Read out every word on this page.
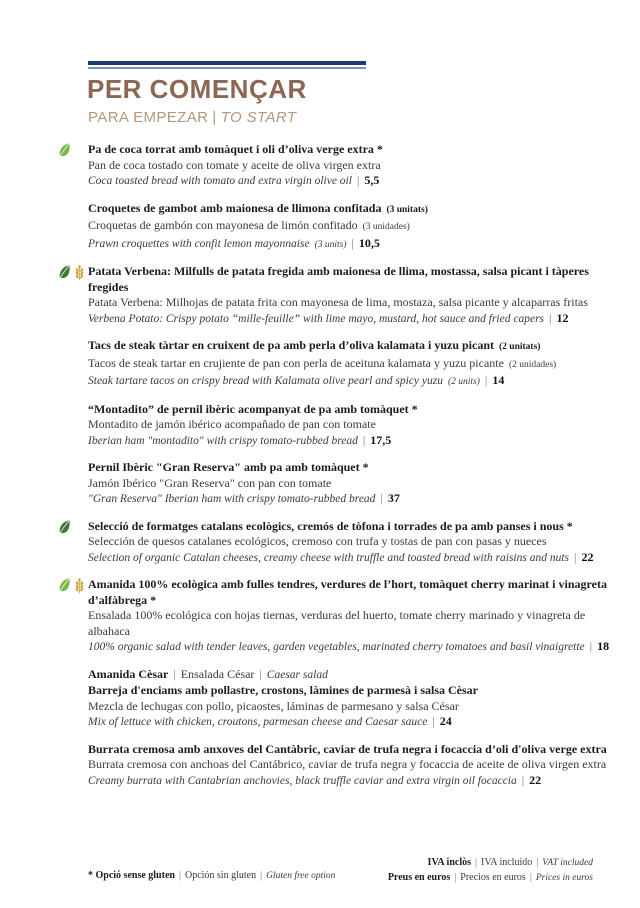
PER COMENÇAR
PARA EMPEZAR | TO START
Pa de coca torrat amb tomàquet i oli d’oliva verge extra *
Pan de coca tostado con tomate y aceite de oliva virgen extra
Coca toasted bread with tomato and extra virgin olive oil | 5,5
Croquetes de gambot amb maionesa de llimona confitada (3 unitats)
Croquetas de gambón con mayonesa de limón confitado (3 unidades)
Prawn croquettes with confit lemon mayonnaise (3 units) | 10,5
Patata Verbena: Milfulls de patata fregida amb maionesa de llima, mostassa, salsa picant i tàperes fregides
Patata Verbena: Milhojas de patata frita con mayonesa de lima, mostaza, salsa picante y alcaparras fritas
Verbena Potato: Crispy potato “mille-feuille” with lime mayo, mustard, hot sauce and fried capers | 12
Tacs de steak tàrtar en cruixent de pa amb perla d’oliva kalamata i yuzu picant (2 unitats)
Tacos de steak tartar en crujiente de pan con perla de aceituna kalamata y yuzu picante (2 unidades)
Steak tartare tacos on crispy bread with Kalamata olive pearl and spicy yuzu (2 units) | 14
“Montadito” de pernil ibèric acompanyat de pa amb tomàquet *
Montadito de jamón ibérico acompañado de pan con tomate
Iberian ham "montadito" with crispy tomato-rubbed bread | 17,5
Pernil Ibèric "Gran Reserva" amb pa amb tomàquet *
Jamón Ibérico "Gran Reserva" con pan con tomate
"Gran Reserva" Iberian ham with crispy tomato-rubbed bread | 37
Selecció de formatges catalans ecològics, cremós de tòfona i torrades de pa amb panses i nous *
Selección de quesos catalanes ecológicos, cremoso con trufa y tostas de pan con pasas y nueces
Selection of organic Catalan cheeses, creamy cheese with truffle and toasted bread with raisins and nuts | 22
Amanida 100% ecològica amb fulles tendres, verdures de l’hort, tomàquet cherry marinat i vinagreta d’alfàbrega *
Ensalada 100% ecológica con hojas tiernas, verduras del huerto, tomate cherry marinado y vinagreta de albahaca
100% organic salad with tender leaves, garden vegetables, marinated cherry tomatoes and basil vinaigrette | 18
Amanida Cèsar | Ensalada César | Caesar salad
Barreja d'enciams amb pollastre, crostons, làmines de parmesà i salsa Cèsar
Mezcla de lechugas con pollo, picaostes, láminas de parmesano y salsa César
Mix of lettuce with chicken, croutons, parmesan cheese and Caesar sauce | 24
Burrata cremosa amb anxoves del Cantàbric, caviar de trufa negra i focaccia d’oli d'oliva verge extra
Burrata cremosa con anchoas del Cantábrico, caviar de trufa negra y focaccia de aceite de oliva virgen extra
Creamy burrata with Cantabrian anchovies, black truffle caviar and extra virgin oil focaccia | 22
* Opció sense gluten | Opción sin gluten | Gluten free option
IVA inclòs | IVA incluido | VAT included
Preus en euros | Precios en euros | Prices in euros
